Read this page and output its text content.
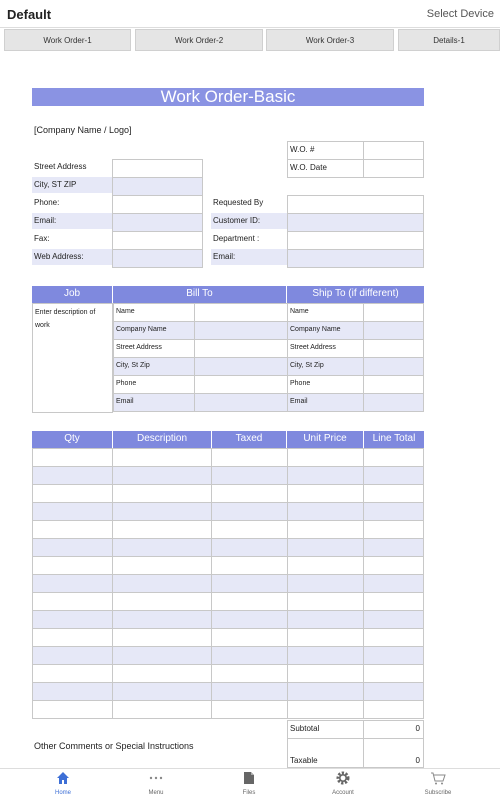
Default	Select Device
Work Order-1	Work Order-2	Work Order-3	Details-1
Work Order-Basic
[Company Name / Logo]
W.O. #
W.O. Date
Street Address
City, ST ZIP
Phone:
Email:
Fax:
Web Address:
Requested By
Customer ID:
Department :
Email:
Job	Bill To	Ship To (if different)
Enter description of work
Name	Name
Company Name	Company Name
Street Address	Street Address
City, St Zip	City, St Zip
Phone	Phone
Email	Email
Qty	Description	Taxed	Unit Price	Line Total
Subtotal	0
Taxable	0
Other Comments or Special Instructions
Home	Menu	Files	Account	Subscribe
